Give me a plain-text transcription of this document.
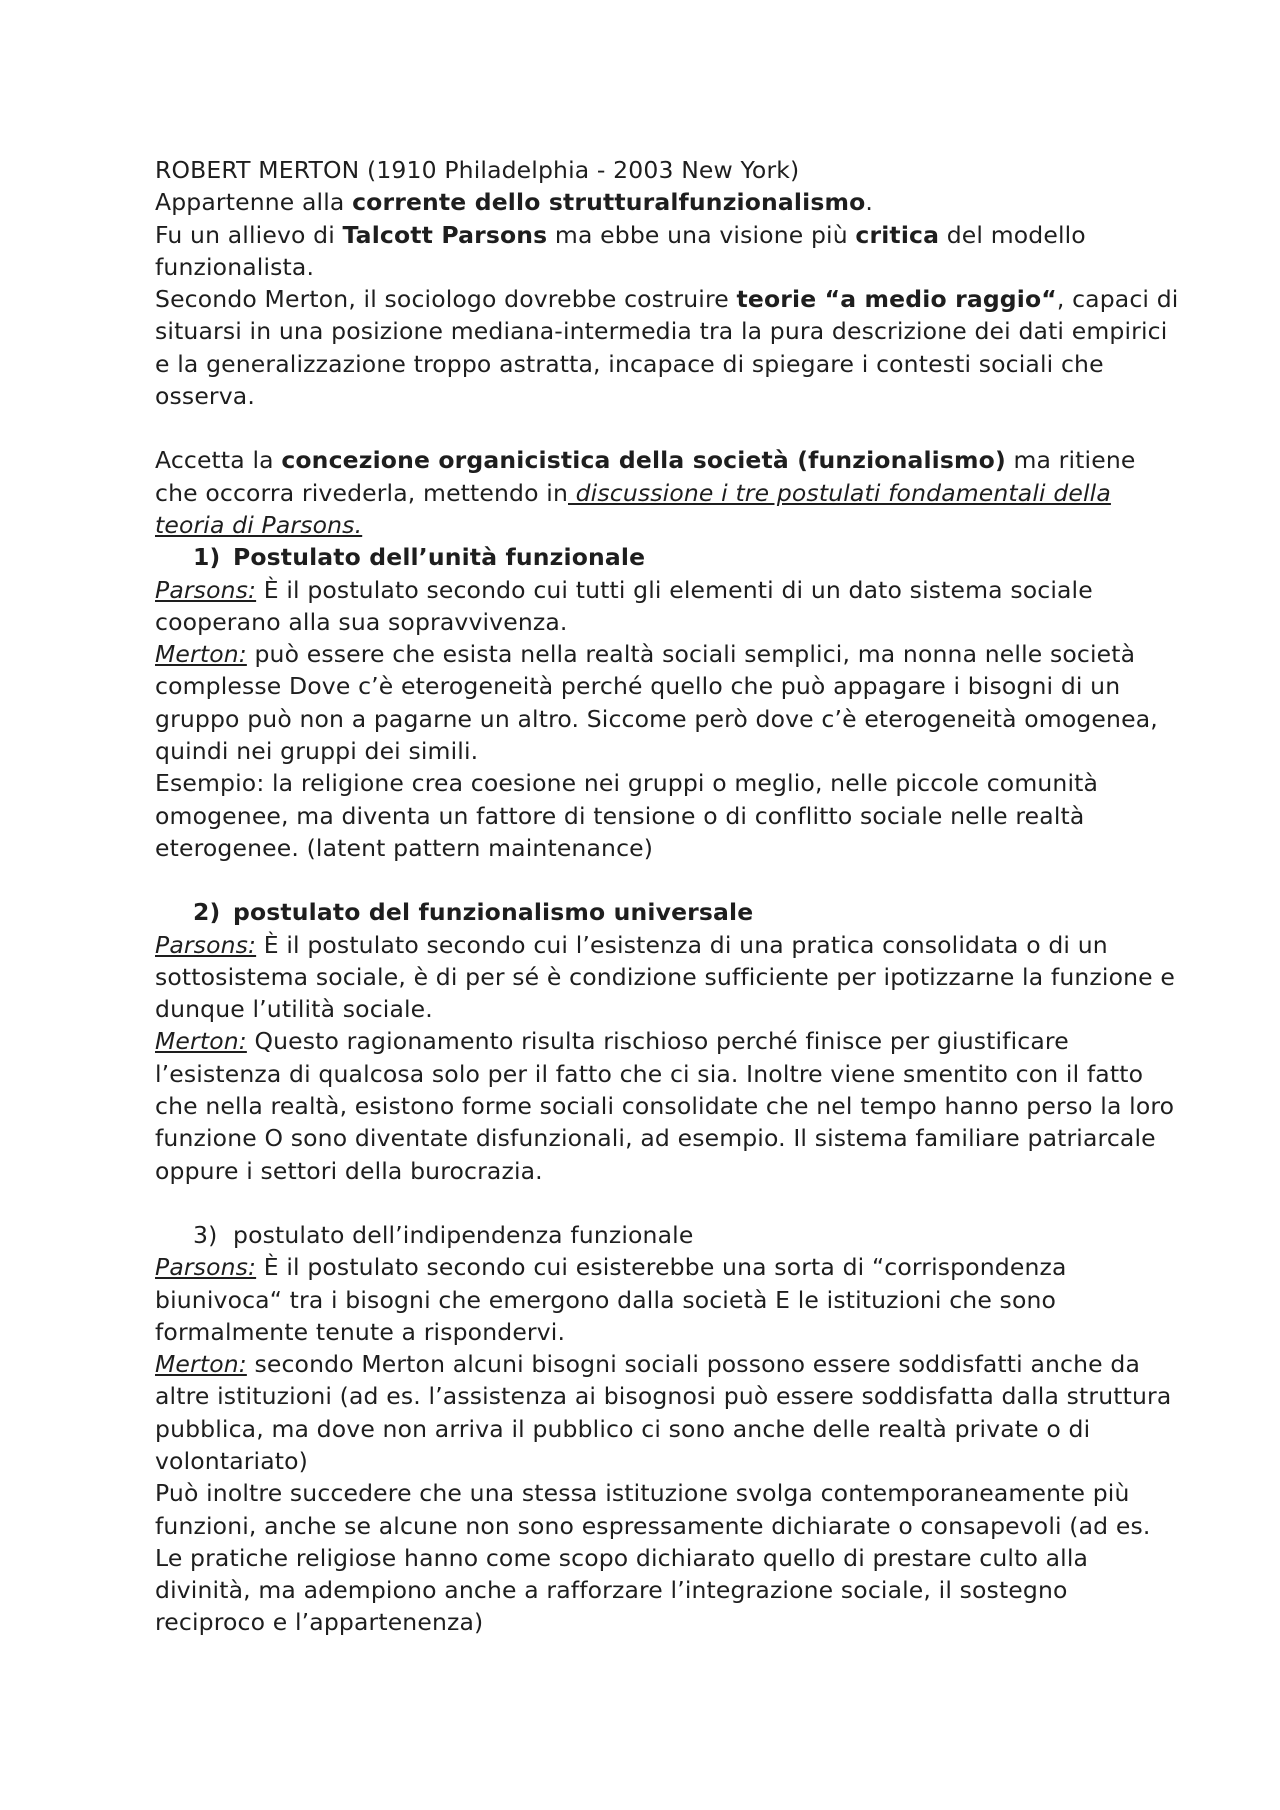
ROBERT MERTON (1910 Philadelphia - 2003 New York)

Appartenne alla corrente dello strutturalfunzionalismo.

Fu un allievo di Talcott Parsons ma ebbe una visione più critica del modello funzionalista.

Secondo Merton, il sociologo dovrebbe costruire teorie “a medio raggio“, capaci di situarsi in una posizione mediana-intermedia tra la pura descrizione dei dati empirici e la generalizzazione troppo astratta, incapace di spiegare i contesti sociali che osserva.

Accetta la concezione organicistica della società (funzionalismo) ma ritiene che occorra rivederla, mettendo in discussione i tre postulati fondamentali della teoria di Parsons.

1) Postulato dell’unità funzionale

Parsons: È il postulato secondo cui tutti gli elementi di un dato sistema sociale cooperano alla sua sopravvivenza.

Merton: può essere che esista nella realtà sociali semplici, ma nonna nelle società complesse Dove c’è eterogeneità perché quello che può appagare i bisogni di un gruppo può non a pagarne un altro. Siccome però dove c’è eterogeneità omogenea, quindi nei gruppi dei simili.

Esempio: la religione crea coesione nei gruppi o meglio, nelle piccole comunità omogenee, ma diventa un fattore di tensione o di conflitto sociale nelle realtà eterogenee. (latent pattern maintenance)

2) postulato del funzionalismo universale

Parsons: È il postulato secondo cui l’esistenza di una pratica consolidata o di un sottosistema sociale, è di per sé è condizione sufficiente per ipotizzarne la funzione e dunque l’utilità sociale.

Merton: Questo ragionamento risulta rischioso perché finisce per giustificare l’esistenza di qualcosa solo per il fatto che ci sia. Inoltre viene smentito con il fatto che nella realtà, esistono forme sociali consolidate che nel tempo hanno perso la loro funzione O sono diventate disfunzionali, ad esempio. Il sistema familiare patriarcale oppure i settori della burocrazia.

3) postulato dell’indipendenza funzionale

Parsons: È il postulato secondo cui esisterebbe una sorta di “corrispondenza biunivoca“ tra i bisogni che emergono dalla società E le istituzioni che sono formalmente tenute a rispondervi.

Merton: secondo Merton alcuni bisogni sociali possono essere soddisfatti anche da altre istituzioni (ad es. l’assistenza ai bisognosi può essere soddisfatta dalla struttura pubblica, ma dove non arriva il pubblico ci sono anche delle realtà private o di volontariato)

Può inoltre succedere che una stessa istituzione svolga contemporaneamente più funzioni, anche se alcune non sono espressamente dichiarate o consapevoli (ad es. Le pratiche religiose hanno come scopo dichiarato quello di prestare culto alla divinità, ma adempiono anche a rafforzare l’integrazione sociale, il sostegno reciproco e l’appartenenza)
